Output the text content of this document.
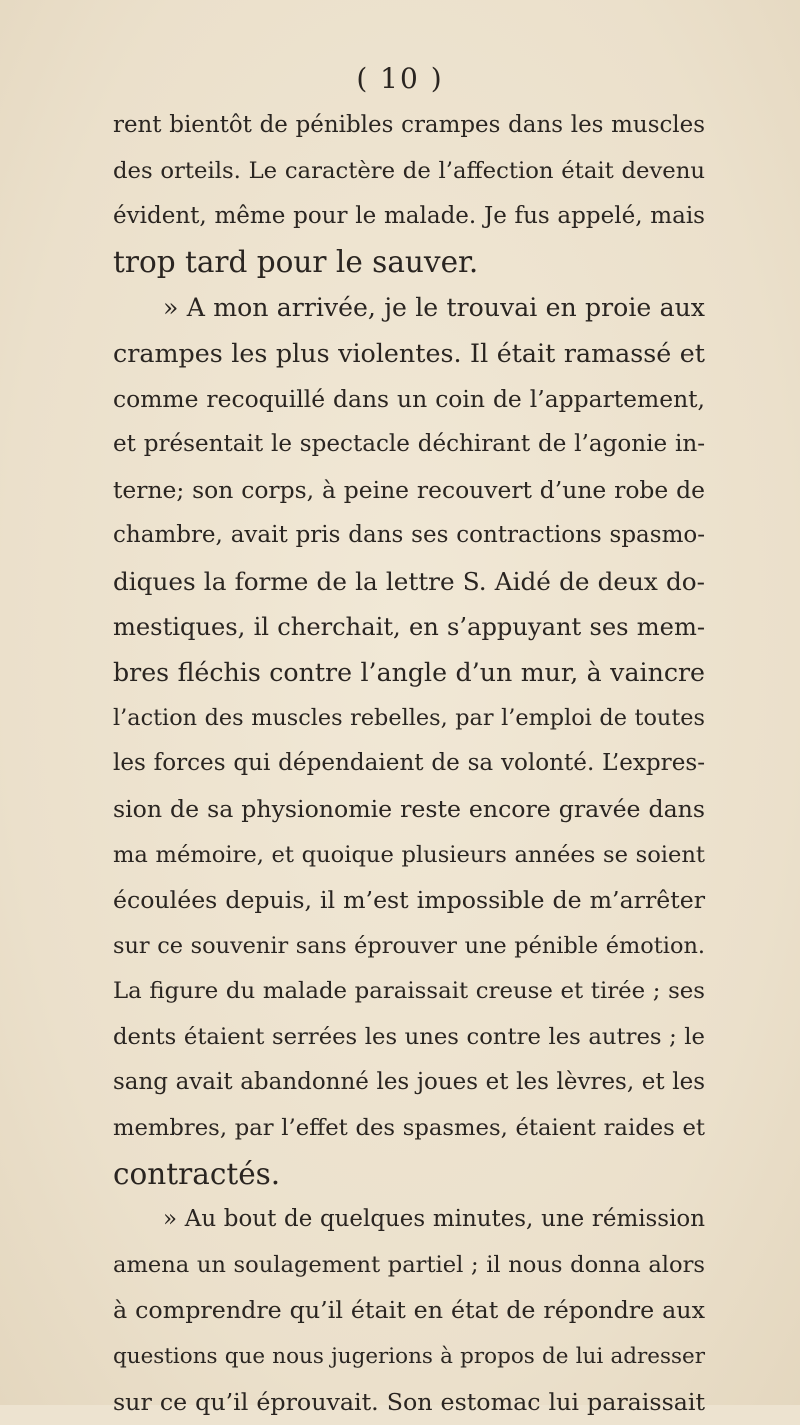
( 10 )
rent bientôt de pénibles crampes dans les muscles
des orteils. Le caractère de l’affection était devenu
évident, même pour le malade. Je fus appelé, mais
trop tard pour le sauver.
» A mon arrivée, je le trouvai en proie aux
crampes les plus violentes. Il était ramassé et
comme recoquillé dans un coin de l’appartement,
et présentait le spectacle déchirant de l’agonie in-
terne; son corps, à peine recouvert d’une robe de
chambre, avait pris dans ses contractions spasmo-
diques la forme de la lettre S. Aidé de deux do-
mestiques, il cherchait, en s’appuyant ses mem-
bres fléchis contre l’angle d’un mur, à vaincre
l’action des muscles rebelles, par l’emploi de toutes
les forces qui dépendaient de sa volonté. L’expres-
sion de sa physionomie reste encore gravée dans
ma mémoire, et quoique plusieurs années se soient
écoulées depuis, il m’est impossible de m’arrêter
sur ce souvenir sans éprouver une pénible émotion.
La figure du malade paraissait creuse et tirée ; ses
dents étaient serrées les unes contre les autres ; le
sang avait abandonné les joues et les lèvres, et les
membres, par l’effet des spasmes, étaient raides et
contractés.
» Au bout de quelques minutes, une rémission
amena un soulagement partiel ; il nous donna alors
à comprendre qu’il était en état de répondre aux
questions que nous jugerions à propos de lui adresser
sur ce qu’il éprouvait. Son estomac lui paraissait
